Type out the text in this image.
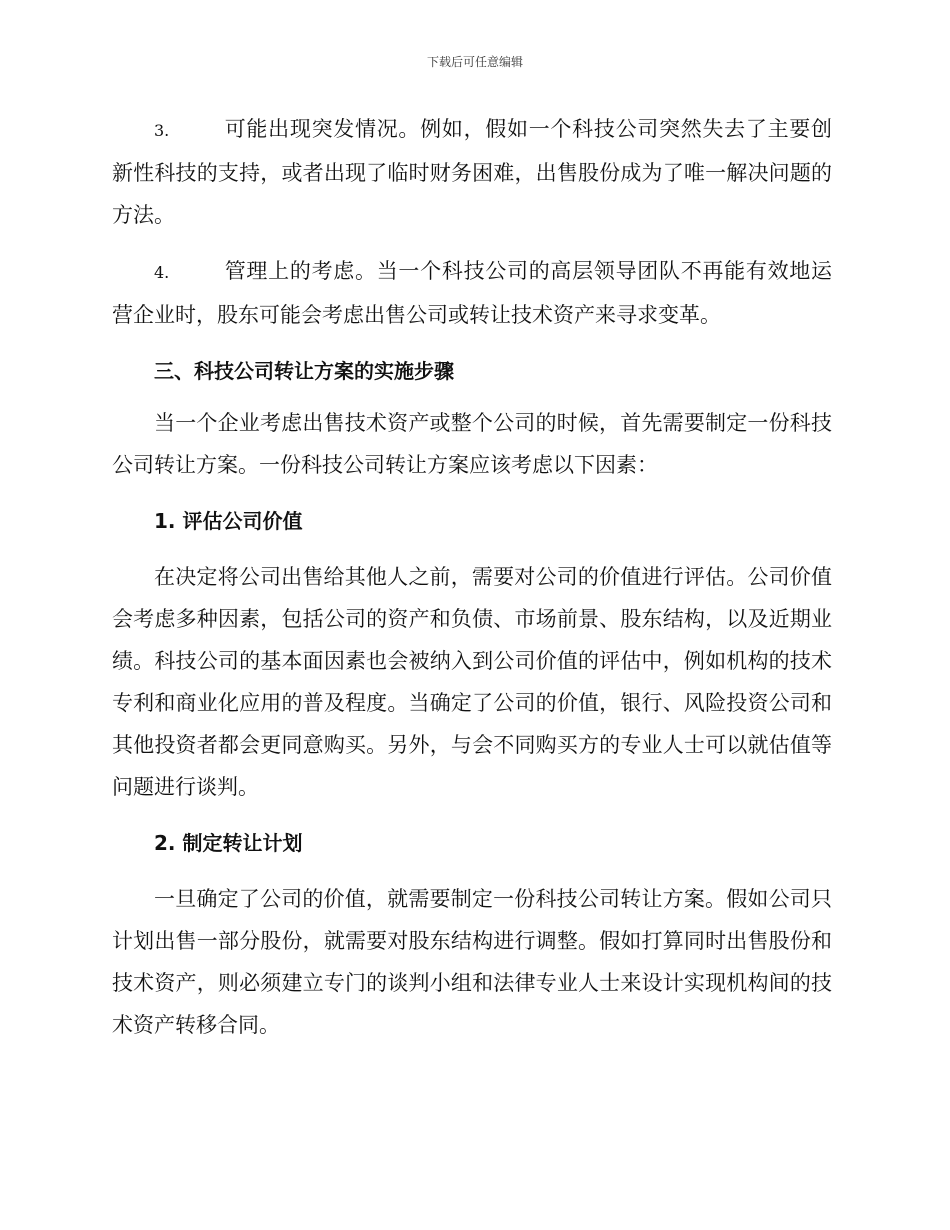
下载后可任意编辑

3.	可能出现突发情况。例如，假如一个科技公司突然失去了主要创新性科技的支持，或者出现了临时财务困难，出售股份成为了唯一解决问题的方法。

4.	管理上的考虑。当一个科技公司的高层领导团队不再能有效地运营企业时，股东可能会考虑出售公司或转让技术资产来寻求变革。

三、科技公司转让方案的实施步骤

当一个企业考虑出售技术资产或整个公司的时候，首先需要制定一份科技公司转让方案。一份科技公司转让方案应该考虑以下因素：

1. 评估公司价值

在决定将公司出售给其他人之前，需要对公司的价值进行评估。公司价值会考虑多种因素，包括公司的资产和负债、市场前景、股东结构，以及近期业绩。科技公司的基本面因素也会被纳入到公司价值的评估中，例如机构的技术专利和商业化应用的普及程度。当确定了公司的价值，银行、风险投资公司和其他投资者都会更同意购买。另外，与会不同购买方的专业人士可以就估值等问题进行谈判。

2. 制定转让计划

一旦确定了公司的价值，就需要制定一份科技公司转让方案。假如公司只计划出售一部分股份，就需要对股东结构进行调整。假如打算同时出售股份和技术资产，则必须建立专门的谈判小组和法律专业人士来设计实现机构间的技术资产转移合同。
